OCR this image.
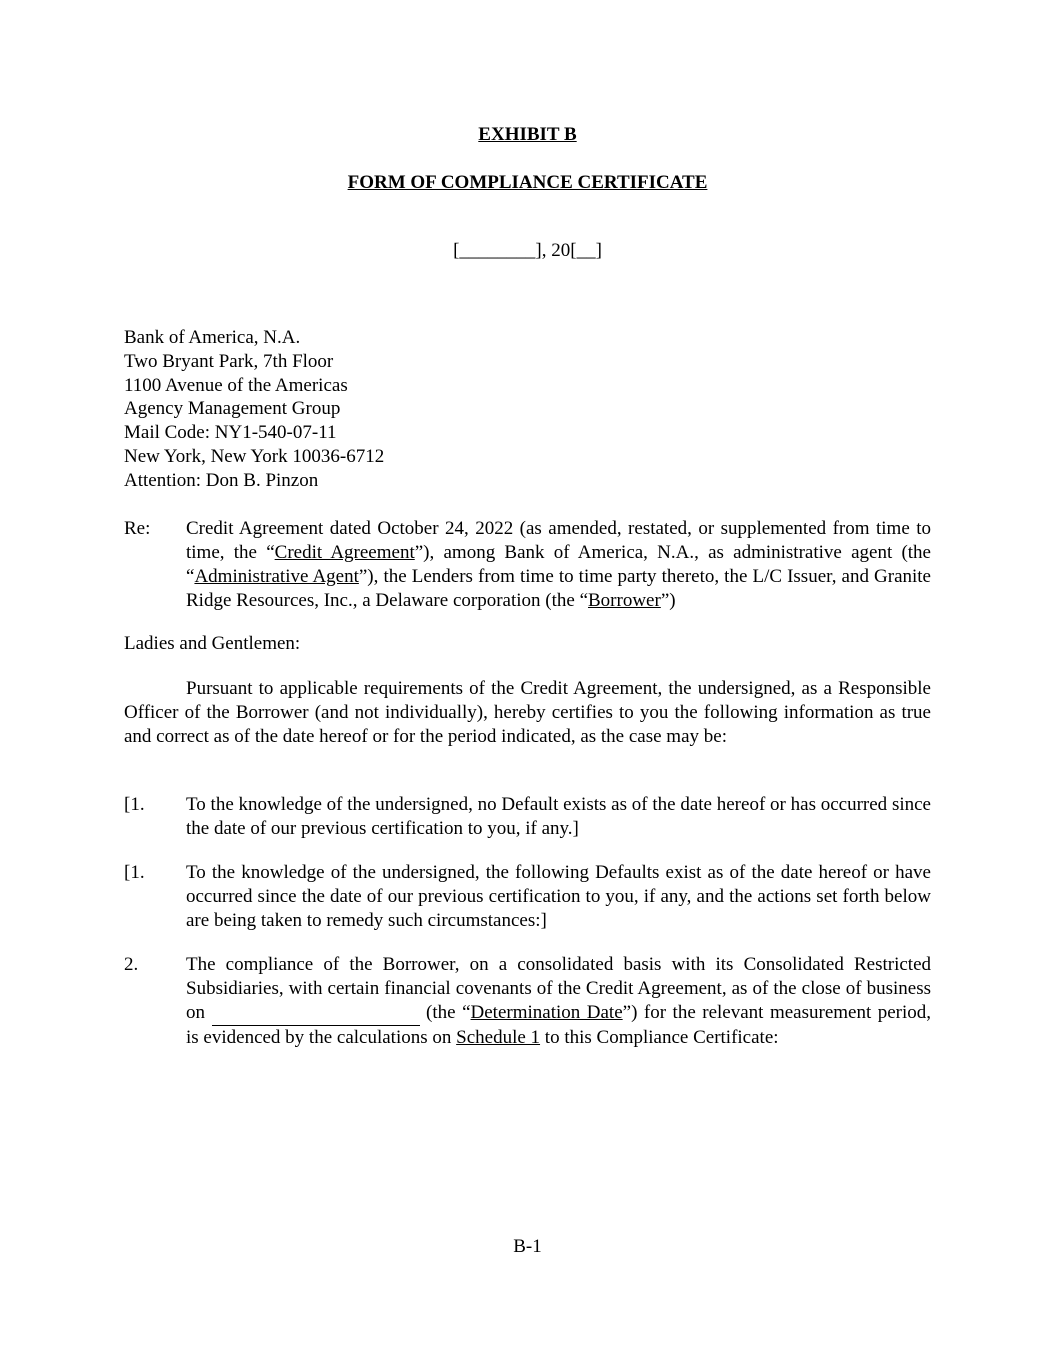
EXHIBIT B
FORM OF COMPLIANCE CERTIFICATE
[________], 20[__]
Bank of America, N.A.
Two Bryant Park, 7th Floor
1100 Avenue of the Americas
Agency Management Group
Mail Code: NY1-540-07-11
New York, New York 10036-6712
Attention: Don B. Pinzon
Re: Credit Agreement dated October 24, 2022 (as amended, restated, or supplemented from time to time, the “Credit Agreement”), among Bank of America, N.A., as administrative agent (the “Administrative Agent”), the Lenders from time to time party thereto, the L/C Issuer, and Granite Ridge Resources, Inc., a Delaware corporation (the “Borrower”)
Ladies and Gentlemen:
Pursuant to applicable requirements of the Credit Agreement, the undersigned, as a Responsible Officer of the Borrower (and not individually), hereby certifies to you the following information as true and correct as of the date hereof or for the period indicated, as the case may be:
[1. To the knowledge of the undersigned, no Default exists as of the date hereof or has occurred since the date of our previous certification to you, if any.]
[1. To the knowledge of the undersigned, the following Defaults exist as of the date hereof or have occurred since the date of our previous certification to you, if any, and the actions set forth below are being taken to remedy such circumstances:]
2.	The compliance of the Borrower, on a consolidated basis with its Consolidated Restricted Subsidiaries, with certain financial covenants of the Credit Agreement, as of the close of business on	(the “Determination Date”) for the relevant measurement period, is evidenced by the calculations on Schedule 1 to this Compliance Certificate:
B-1
